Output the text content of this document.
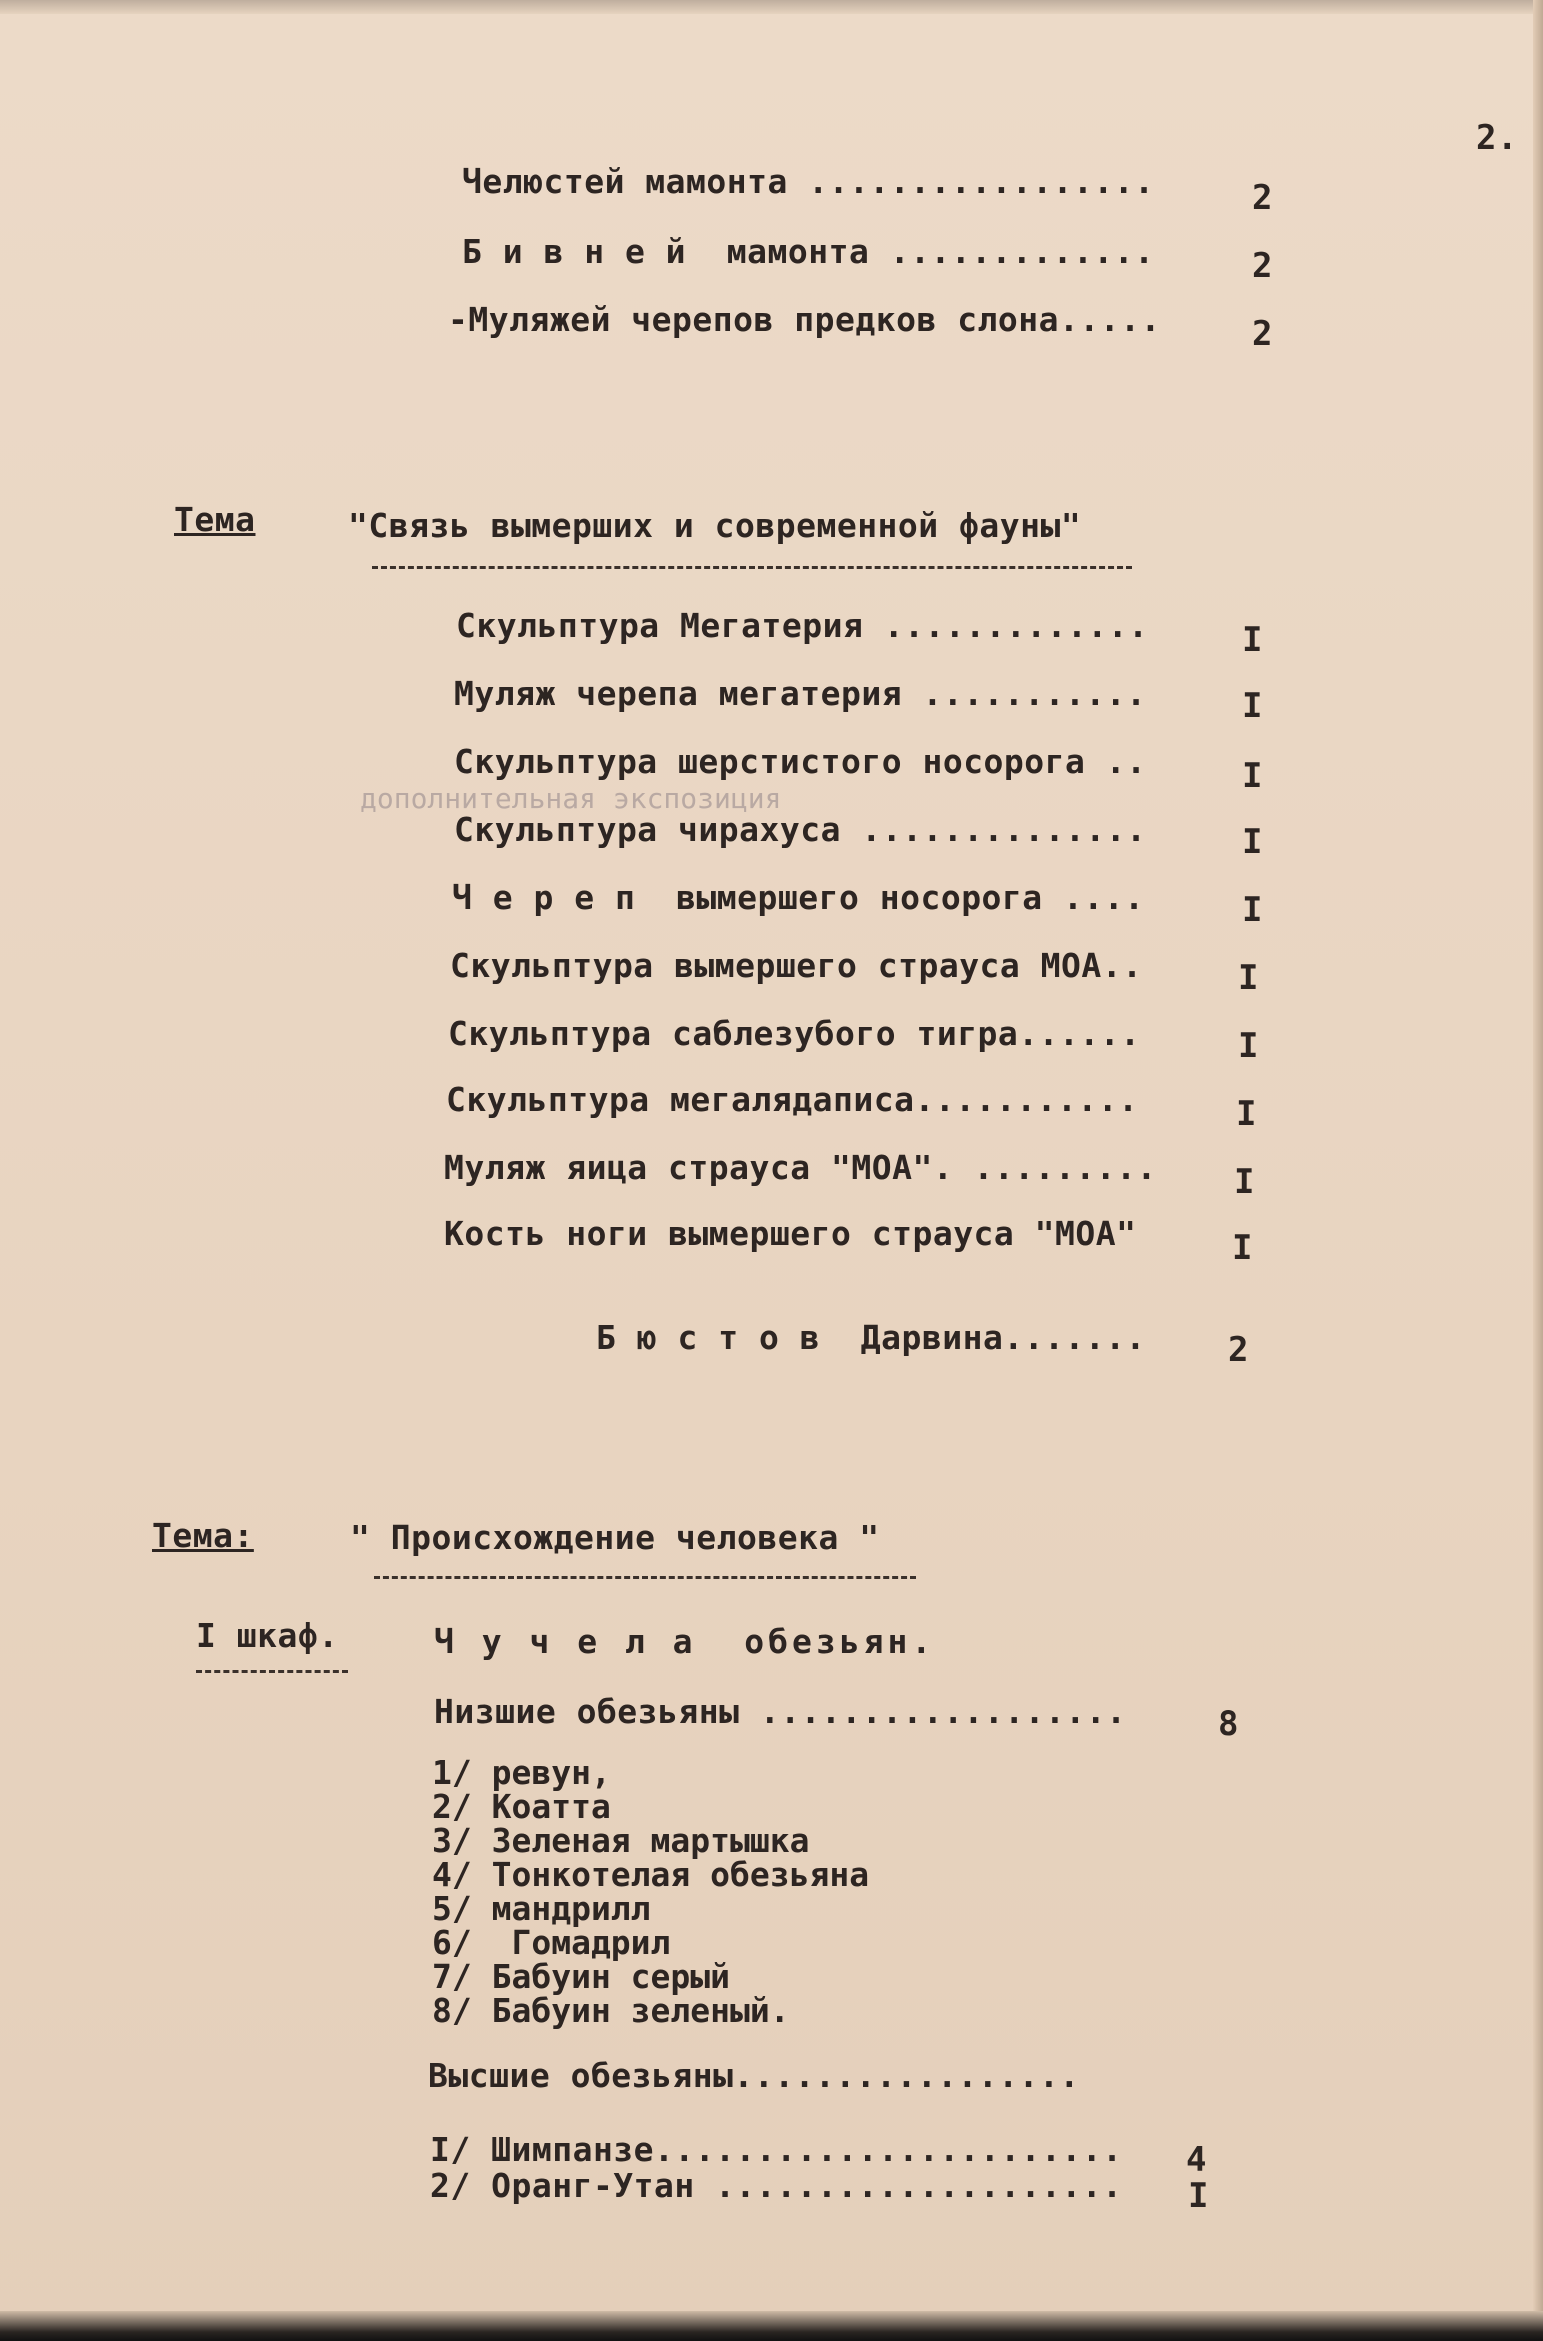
2.
Челюстей мамонта .................	2
Б и в н е й  мамонта .............	2
-Муляжей черепов предков слона.....	2
Тема	"Связь вымерших и современной фауны"
Скульптура Мегатерия .............	I
Муляж черепа мегатерия ...........	I
Скульптура шерстистого носорога ..	I
дополнительная экспозиция
Скульптура чирахуса ..............	I
Ч е р е п  вымершего носорога ....	I
Скульптура вымершего страуса МОА..	I
Скульптура саблезубого тигра......	I
Скульптура мегалядаписа...........	I
Муляж яица страуса "МОА". ......... I
Кость ноги вымершего страуса "МОА"	I
Б ю с т о в  Дарвина....... 2
Тема:	" Происхождение человека "
I шкаф.	Ч у ч е л а  обезьян.
Низшие обезьяны ..................	8
1/ ревун,
2/ Коатта
3/ Зеленая мартышка
4/ Тонкотелая обезьяна
5/ мандрилл
6/  Гомадрил
7/ Бабуин серый
8/ Бабуин зеленый.
Высшие обезьяны.................
I/ Шимпанзе....................... 4
2/ Оранг-Утан .................... I
